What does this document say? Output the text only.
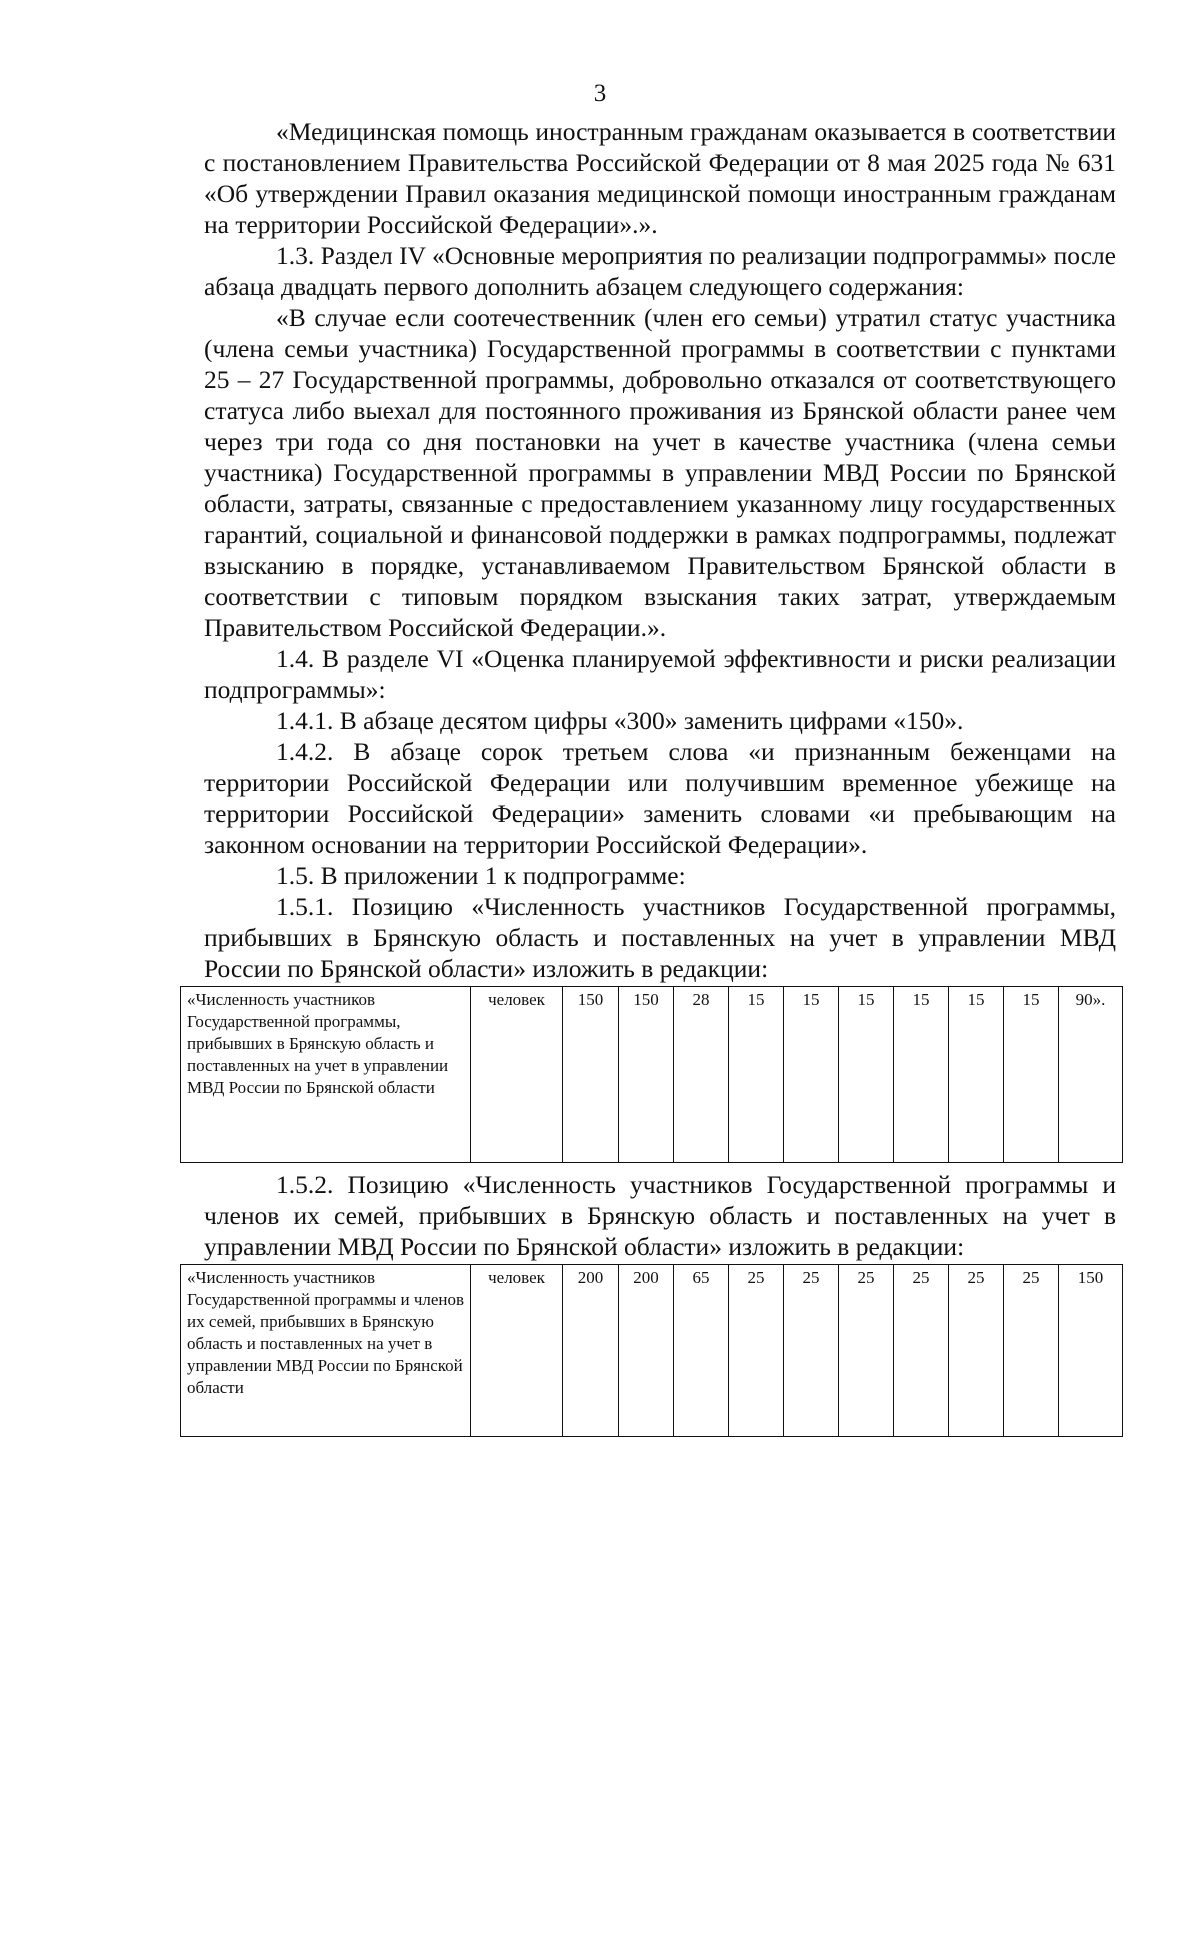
3

«Медицинская помощь иностранным гражданам оказывается в соответствии с постановлением Правительства Российской Федерации от 8 мая 2025 года № 631 «Об утверждении Правил оказания медицинской помощи иностранным гражданам на территории Российской Федерации».».

1.3. Раздел IV «Основные мероприятия по реализации подпрограммы» после абзаца двадцать первого дополнить абзацем следующего содержания:

«В случае если соотечественник (член его семьи) утратил статус участника (члена семьи участника) Государственной программы в соответствии с пунктами 25 – 27 Государственной программы, добровольно отказался от соответствующего статуса либо выехал для постоянного проживания из Брянской области ранее чем через три года со дня постановки на учет в качестве участника (члена семьи участника) Государственной программы в управлении МВД России по Брянской области, затраты, связанные с предоставлением указанному лицу государственных гарантий, социальной и финансовой поддержки в рамках подпрограммы, подлежат взысканию в порядке, устанавливаемом Правительством Брянской области в соответствии с типовым порядком взыскания таких затрат, утверждаемым Правительством Российской Федерации.».

1.4. В разделе VI «Оценка планируемой эффективности и риски реализации подпрограммы»:

1.4.1. В абзаце десятом цифры «300» заменить цифрами «150».

1.4.2. В абзаце сорок третьем слова «и признанным беженцами на территории Российской Федерации или получившим временное убежище на территории Российской Федерации» заменить словами «и пребывающим на законном основании на территории Российской Федерации».

1.5. В приложении 1 к подпрограмме:

1.5.1. Позицию «Численность участников Государственной программы, прибывших в Брянскую область и поставленных на учет в управлении МВД России по Брянской области» изложить в редакции:

«Численность участников Государственной программы, прибывших в Брянскую область и поставленных на учет в управлении МВД России по Брянской области	человек	150	150	28	15	15	15	15	15	15	90».

1.5.2. Позицию «Численность участников Государственной программы и членов их семей, прибывших в Брянскую область и поставленных на учет в управлении МВД России по Брянской области» изложить в редакции:

«Численность участников Государственной программы и членов их семей, прибывших в Брянскую область и поставленных на учет в управлении МВД России по Брянской области	человек	200	200	65	25	25	25	25	25	25	150
